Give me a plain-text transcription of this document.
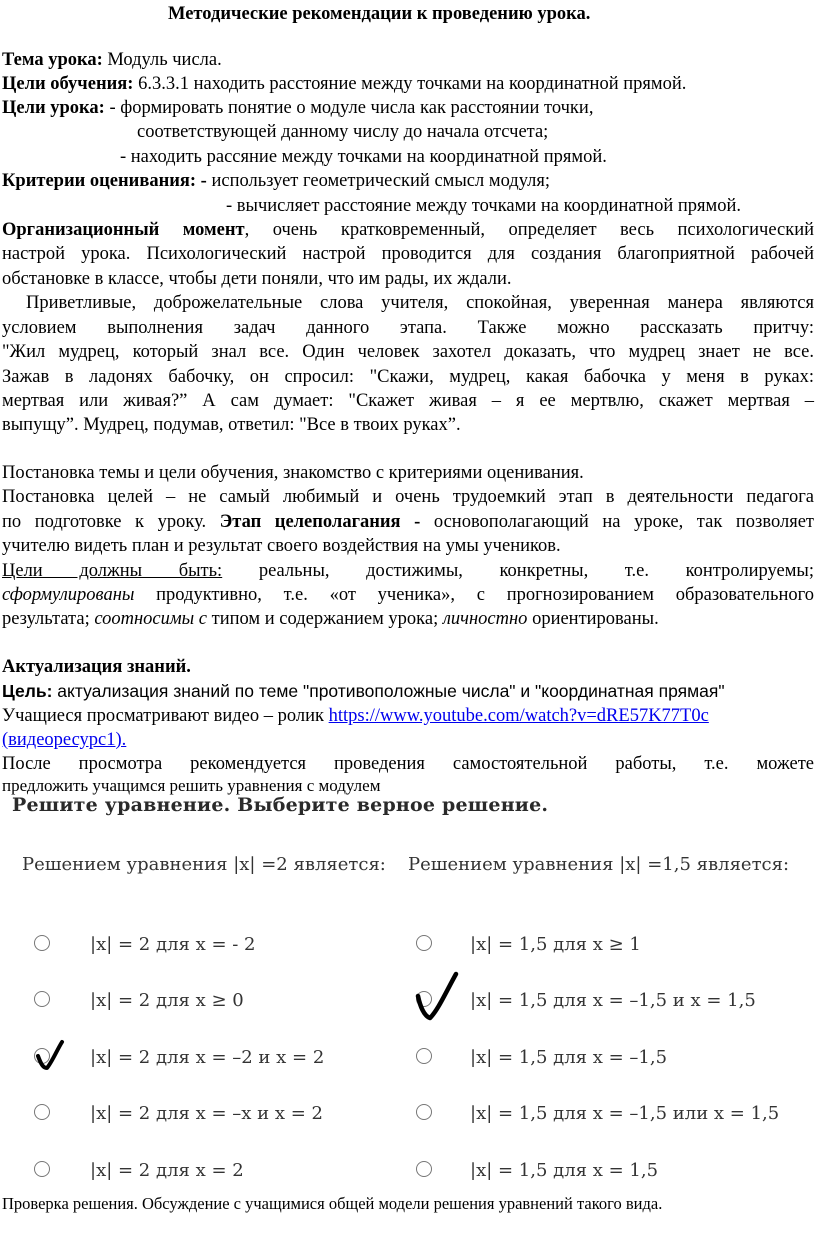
Методические рекомендации к проведению урока.
Тема урока: Модуль числа.
Цели обучения: 6.3.3.1 находить расстояние между точками на координатной прямой.
Цели урока: - формировать понятие о модуле числа как расстоянии точки,
соответствующей данному числу до начала отсчета;
- находить рассяние между точками на координатной прямой.
Критерии оценивания: - использует геометрический смысл модуля;
- вычисляет расстояние между точками на координатной прямой.
Организационный момент, очень кратковременный, определяет весь психологический
настрой урока. Психологический настрой проводится для создания благоприятной рабочей
обстановке в классе, чтобы дети поняли, что им рады, их ждали.
Приветливые, доброжелательные слова учителя, спокойная, уверенная манера являются
условием выполнения задач данного этапа. Также можно рассказать притчу:
"Жил мудрец, который знал все. Один человек захотел доказать, что мудрец знает не все.
Зажав в ладонях бабочку, он спросил: "Скажи, мудрец, какая бабочка у меня в руках:
мертвая или живая?” А сам думает: "Скажет живая – я ее мертвлю, скажет мертвая –
выпущу”. Мудрец, подумав, ответил: "Все в твоих руках”.
Постановка темы и цели обучения, знакомство с критериями оценивания.
Постановка целей – не самый любимый и очень трудоемкий этап в деятельности педагога
по подготовке к уроку. Этап целеполагания - основополагающий на уроке, так позволяет
учителю видеть план и результат своего воздействия на умы учеников.
Цели должны быть: реальны, достижимы, конкретны, т.е. контролируемы;
сформулированы продуктивно, т.е. «от ученика», с прогнозированием образовательного
результата; соотносимы с типом и содержанием урока; личностно ориентированы.
Актуализация знаний.
Цель: актуализация знаний по теме "противоположные числа" и "координатная прямая"
Учащиеся просматривают видео – ролик https://www.youtube.com/watch?v=dRE57K77T0c
(видеоресурс1).
После просмотра рекомендуется проведения самостоятельной работы, т.е. можете
предложить учащимся решить уравнения с модулем
Решите уравнение. Выберите верное решение.
Решением уравнения |x| =2 является: Решением уравнения |x| =1,5 является:
|x| = 2 для x = - 2
|x| = 2 для x ≥ 0
|x| = 2 для x = –2 и x = 2
|x| = 2 для х = –x и x = 2
|x| = 2 для x = 2
|x| = 1,5 для x ≥ 1
|x| = 1,5 для x = –1,5 и x = 1,5
|x| = 1,5 для x = –1,5
|x| = 1,5 для x = –1,5 или x = 1,5
|x| = 1,5 для x = 1,5
Проверка решения. Обсуждение с учащимися общей модели решения уравнений такого вида.
